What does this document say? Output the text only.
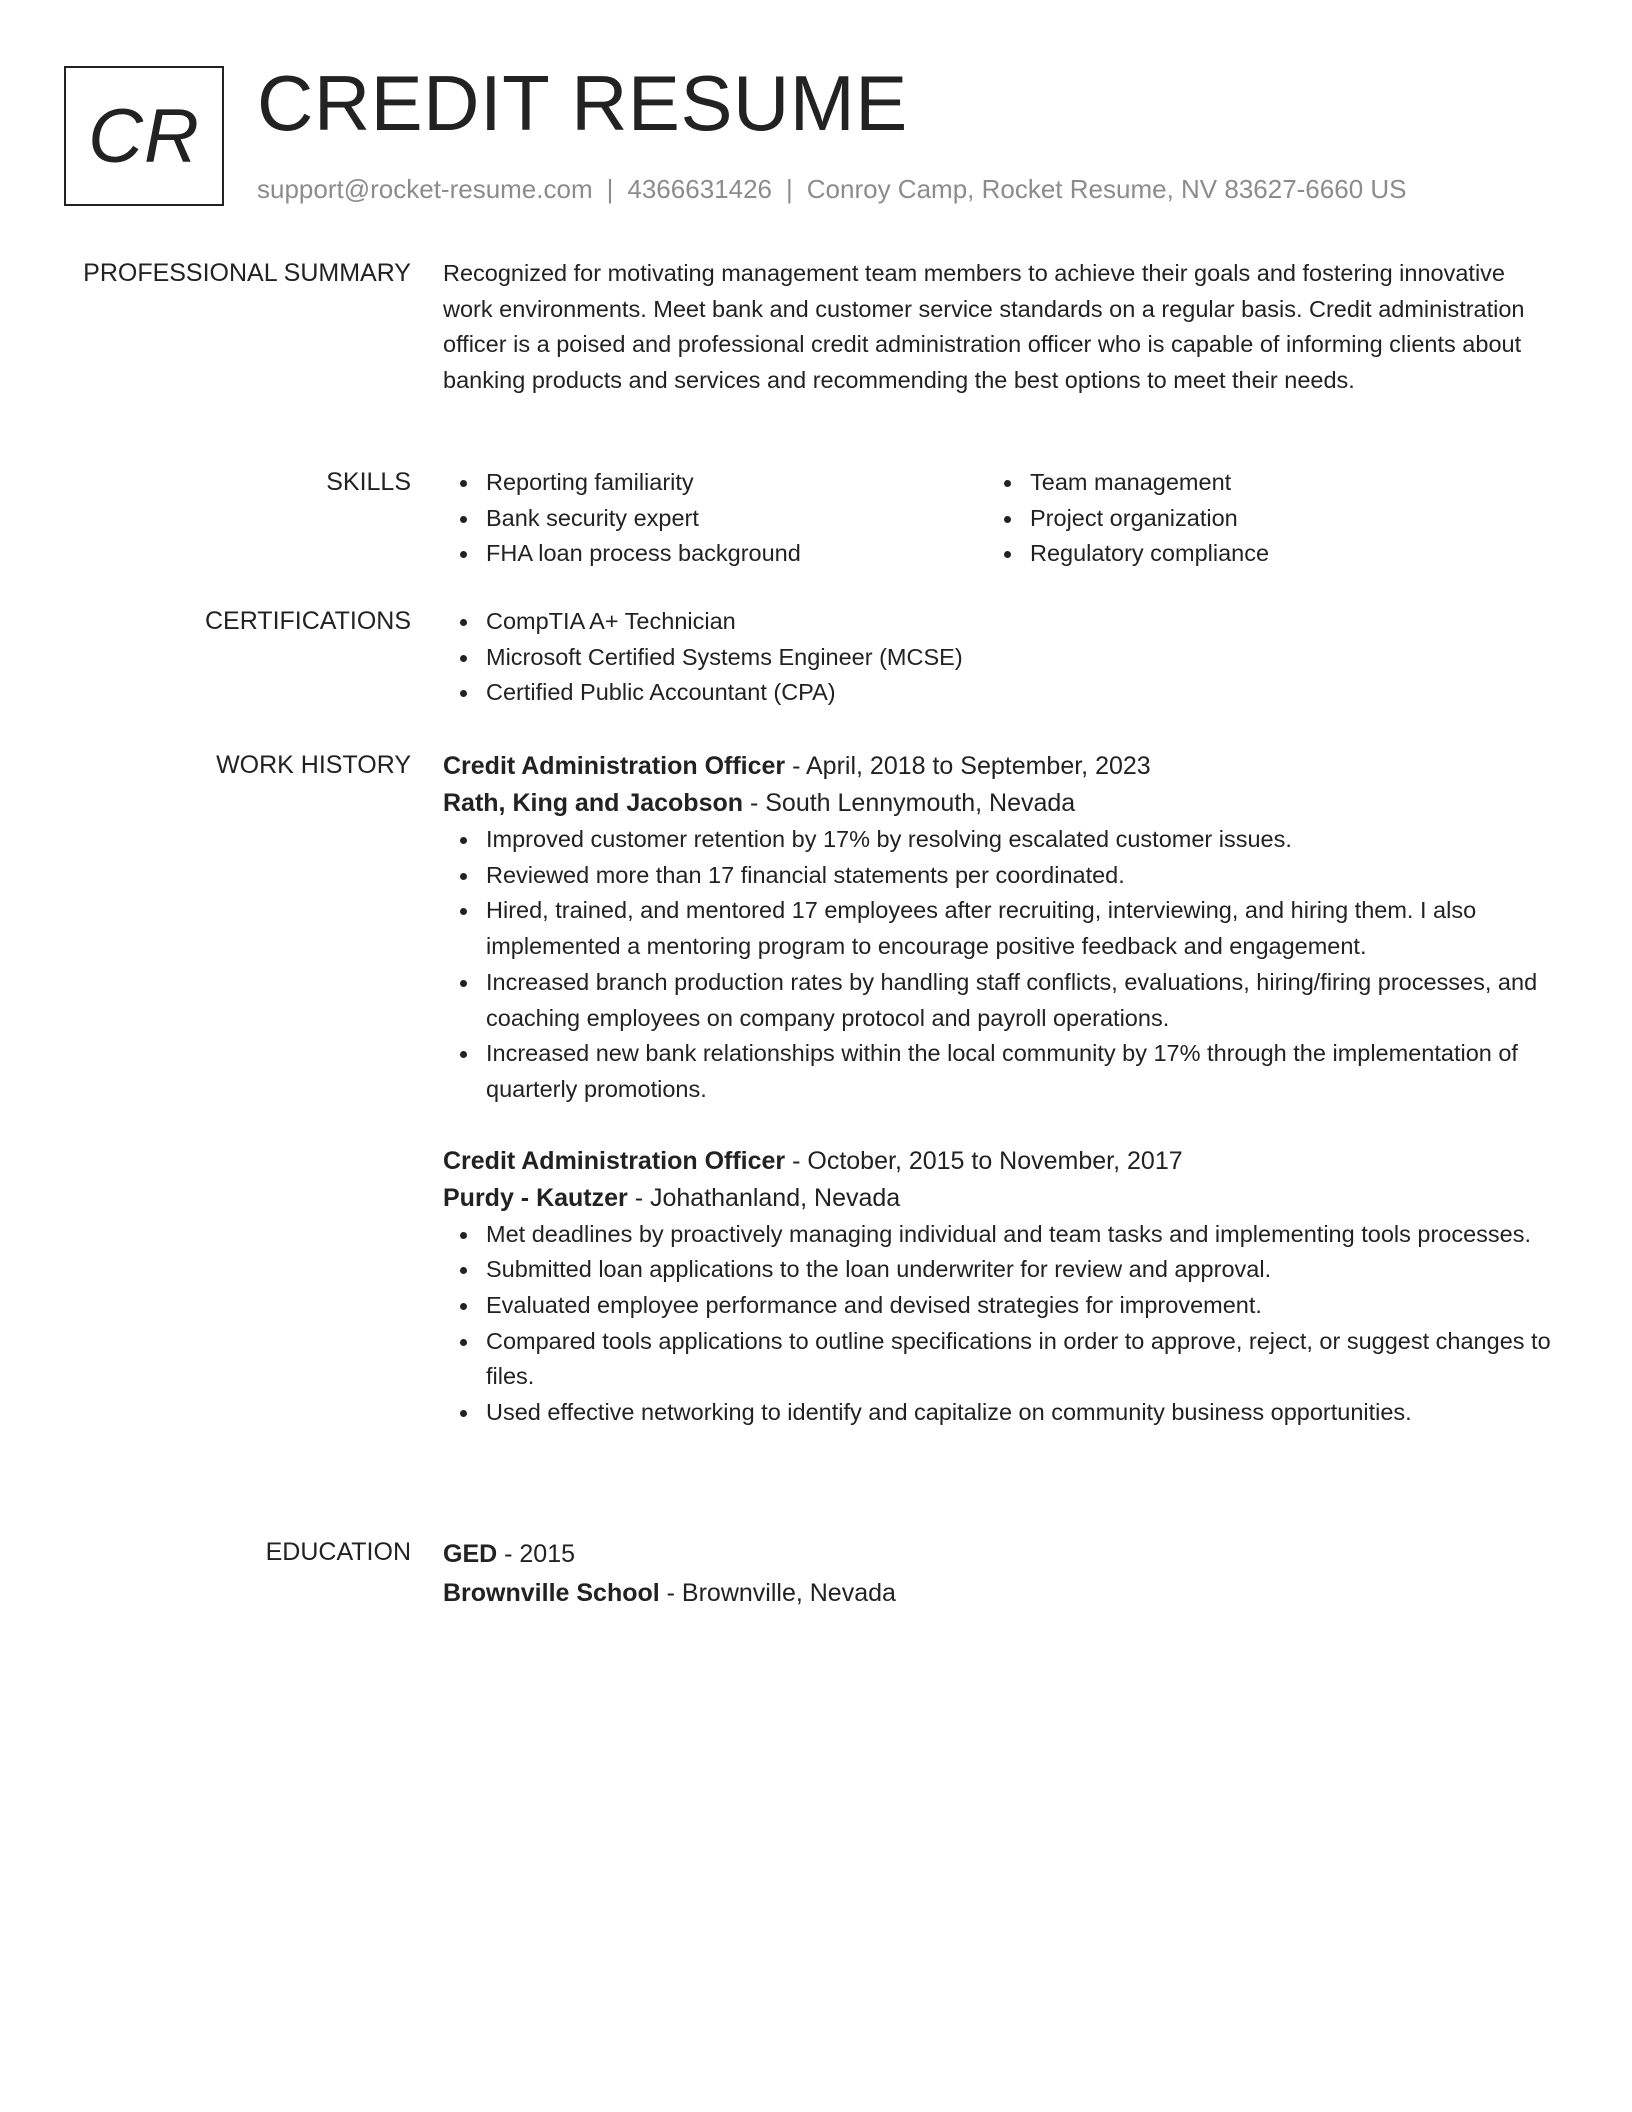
CR CREDIT RESUME
support@rocket-resume.com | 4366631426 | Conroy Camp, Rocket Resume, NV 83627-6660 US
PROFESSIONAL SUMMARY Recognized for motivating management team members to achieve their goals and fostering innovative work environments. Meet bank and customer service standards on a regular basis. Credit administration officer is a poised and professional credit administration officer who is capable of informing clients about banking products and services and recommending the best options to meet their needs.

SKILLS	Reporting familiarity
Bank security expert
FHA loan process background
Team management
Project organization
Regulatory compliance
CERTIFICATIONS	CompTIA A+ Technician
Microsoft Certified Systems Engineer (MCSE)
Certified Public Accountant (CPA)
WORK HISTORY Credit Administration Officer - April, 2018 to September, 2023
Rath, King and Jacobson - South Lennymouth, Nevada
Improved customer retention by 17% by resolving escalated customer issues.
Reviewed more than 17 financial statements per coordinated.
Hired, trained, and mentored 17 employees after recruiting, interviewing, and hiring them. I also implemented a mentoring program to encourage positive feedback and engagement.
Increased branch production rates by handling staff conflicts, evaluations, hiring/firing processes, and coaching employees on company protocol and payroll operations.
Increased new bank relationships within the local community by 17% through the implementation of quarterly promotions.
Credit Administration Officer - October, 2015 to November, 2017
Purdy - Kautzer - Johathanland, Nevada
Met deadlines by proactively managing individual and team tasks and implementing tools processes.
Submitted loan applications to the loan underwriter for review and approval.
Evaluated employee performance and devised strategies for improvement.
Compared tools applications to outline specifications in order to approve, reject, or suggest changes to files.
Used effective networking to identify and capitalize on community business opportunities.
EDUCATION GED - 2015
Brownville School - Brownville, Nevada
